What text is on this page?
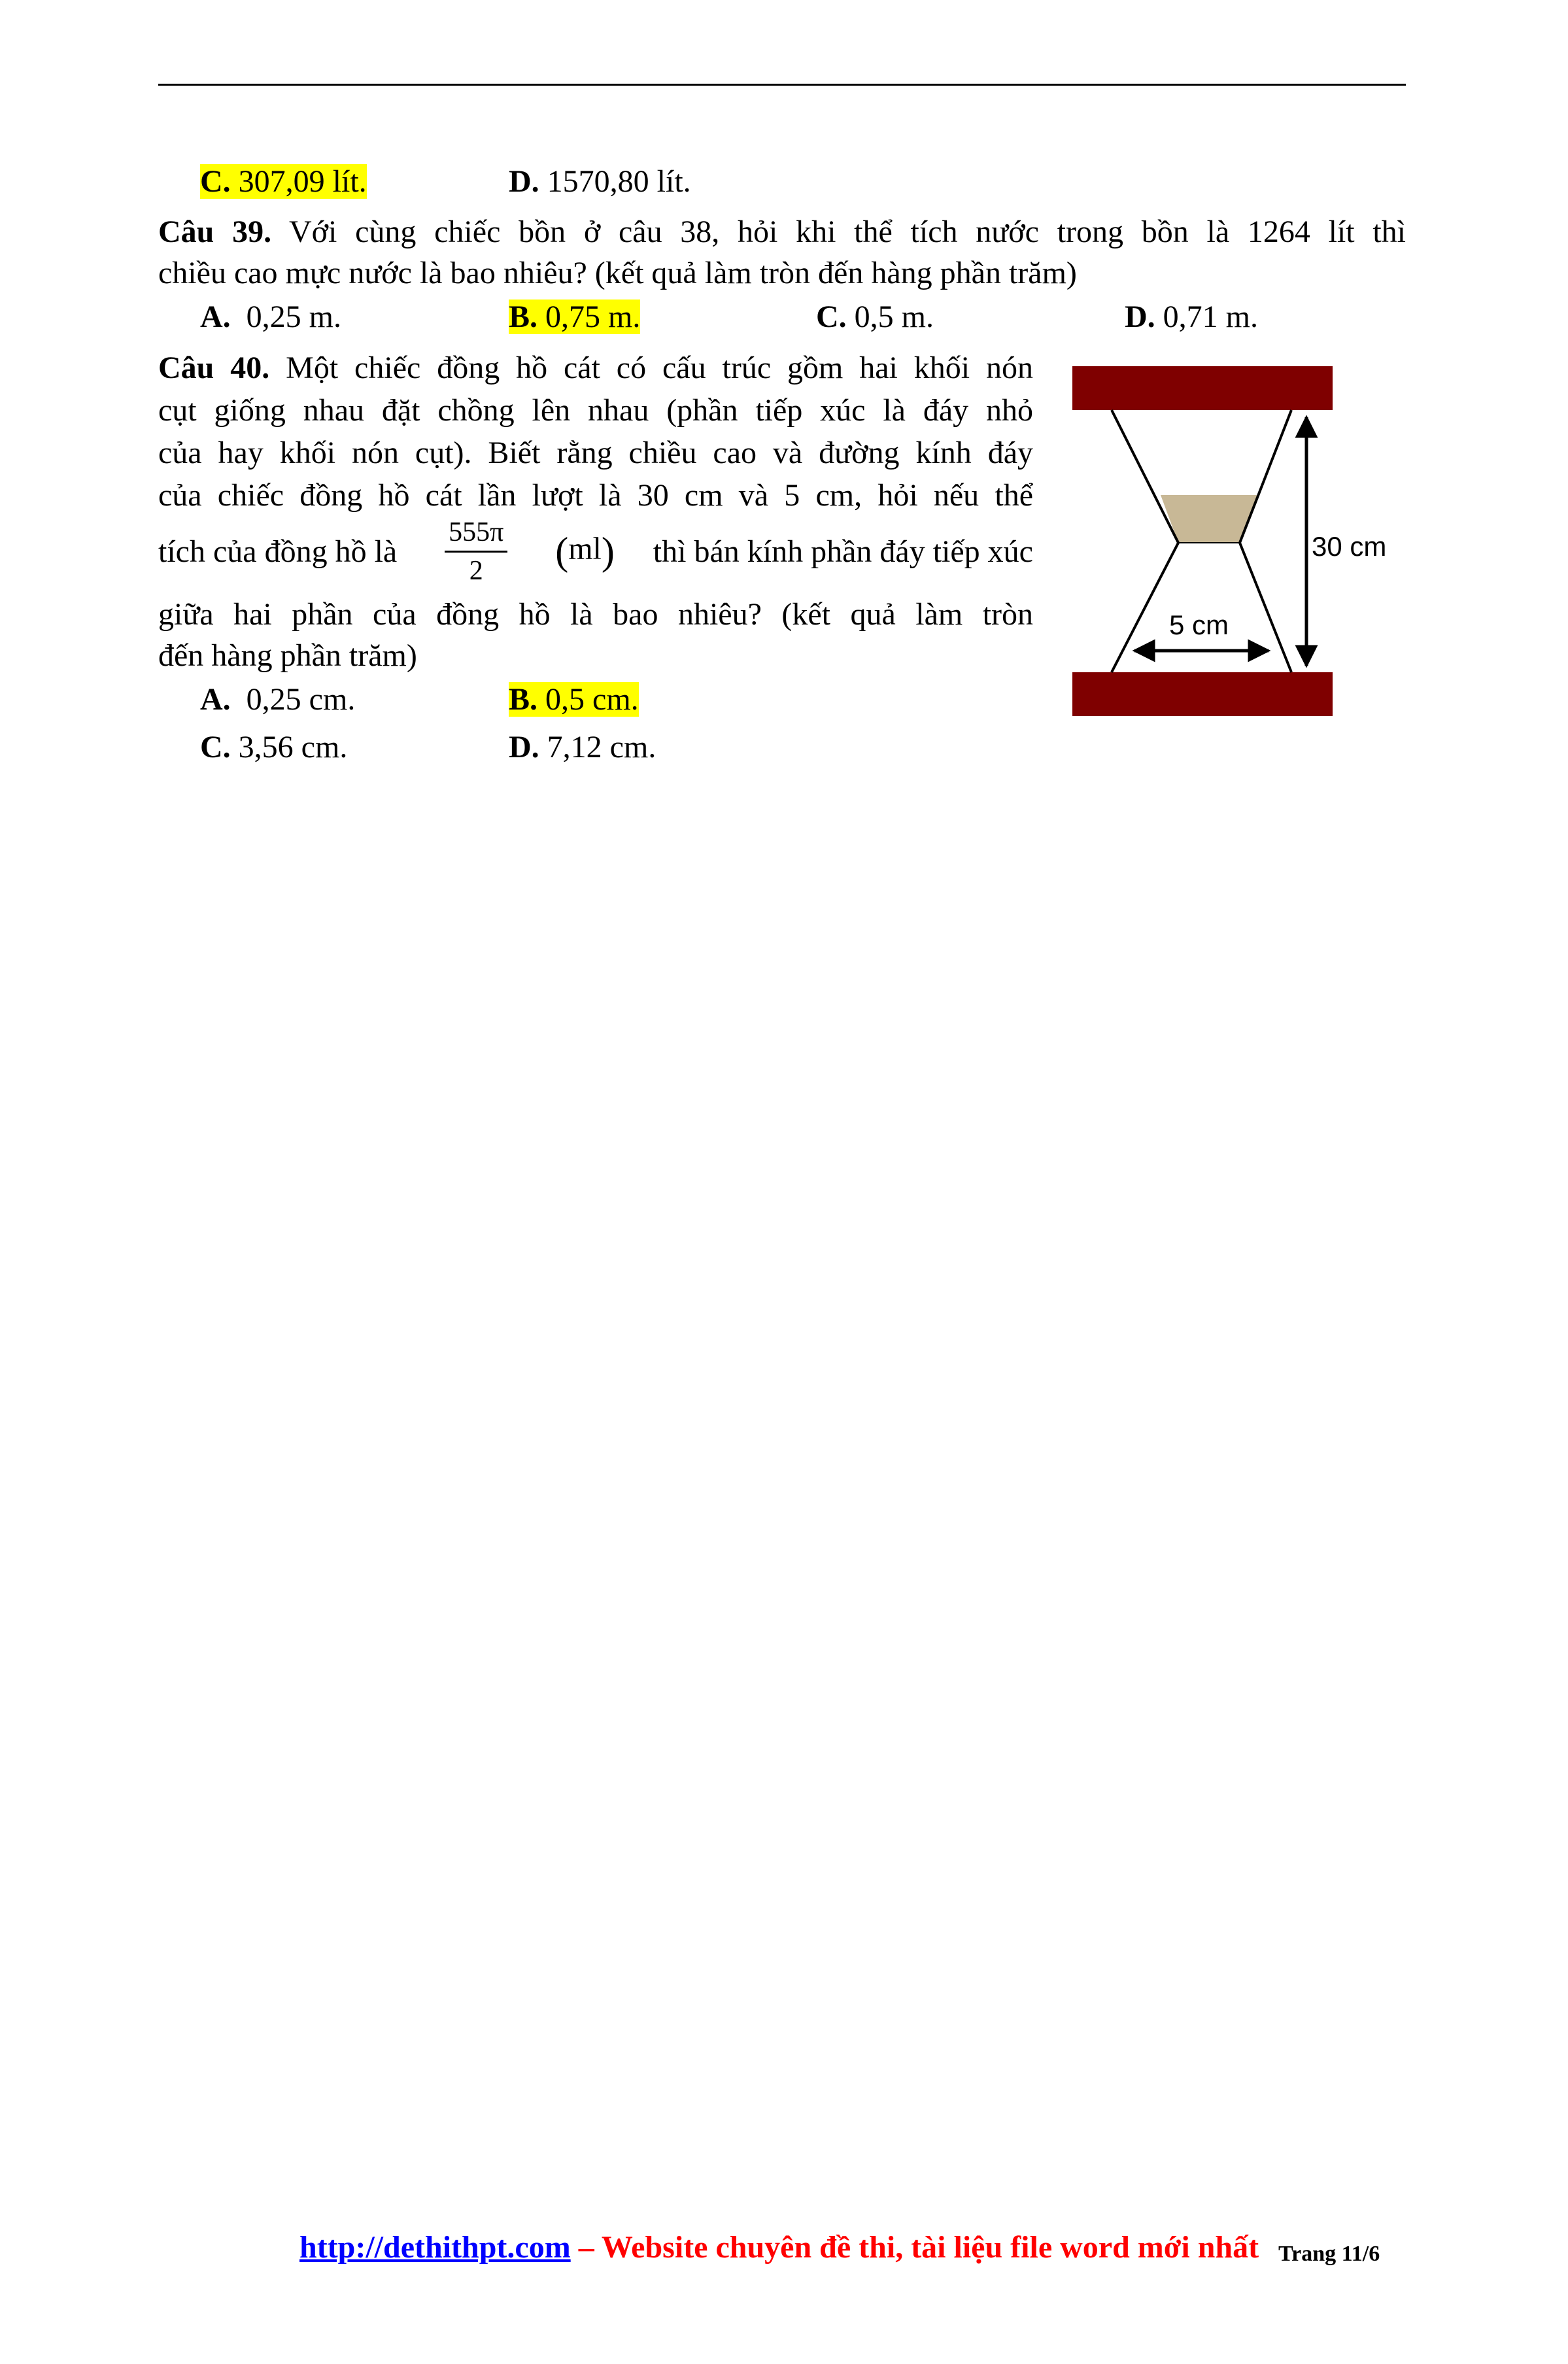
C. 307,09 lít.	D. 1570,80 lít.
Câu 39. Với cùng chiếc bồn ở câu 38, hỏi khi thể tích nước trong bồn là 1264 lít thì
chiều cao mực nước là bao nhiêu? (kết quả làm tròn đến hàng phần trăm)
A. 0,25 m.	B. 0,75 m.	C. 0,5 m.	D. 0,71 m.
Câu 40. Một chiếc đồng hồ cát có cấu trúc gồm hai khối nón
cụt giống nhau đặt chồng lên nhau (phần tiếp xúc là đáy nhỏ
của hay khối nón cụt). Biết rằng chiều cao và đường kính đáy
của chiếc đồng hồ cát lần lượt là 30 cm và 5 cm, hỏi nếu thể
tích của đồng hồ là $\frac{555\pi}{2} (ml)$ thì bán kính phần đáy tiếp xúc
giữa hai phần của đồng hồ là bao nhiêu? (kết quả làm tròn
đến hàng phần trăm)
A. 0,25 cm.	B. 0,5 cm.
C. 3,56 cm.	D. 7,12 cm.
30 cm
5 cm
http://dethithpt.com – Website chuyên đề thi, tài liệu file word mới nhất Trang 11/6
